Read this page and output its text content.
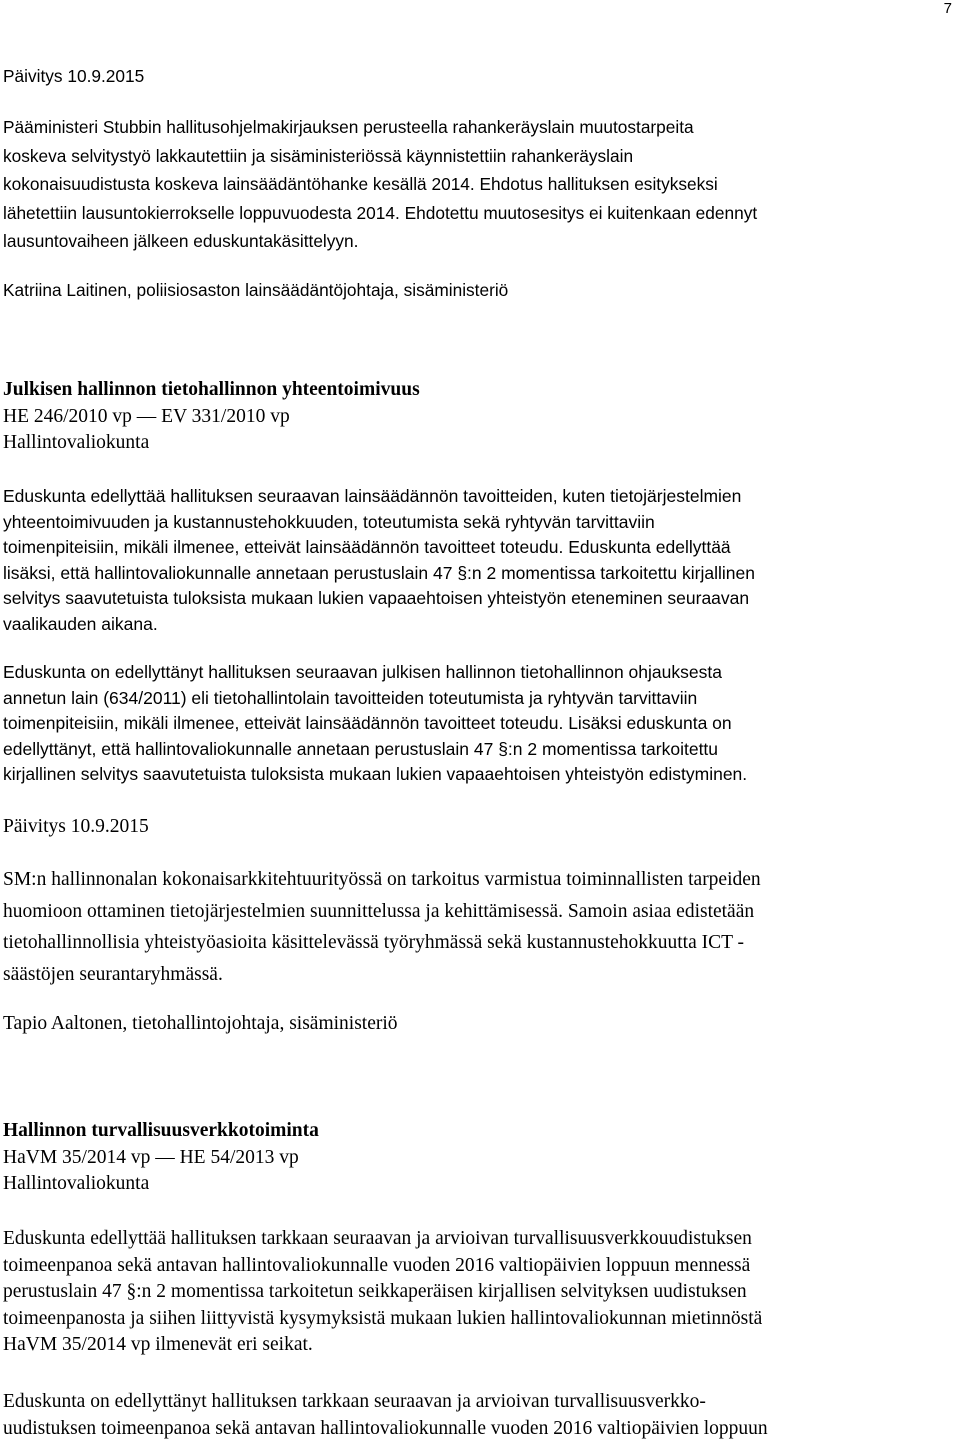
7
Päivitys 10.9.2015
Pääministeri Stubbin hallitusohjelmakirjauksen perusteella rahankeräyslain muutostarpeita
koskeva selvitystyö lakkautettiin ja sisäministeriössä käynnistettiin rahankeräyslain
kokonaisuudistusta koskeva lainsäädäntöhanke kesällä 2014. Ehdotus hallituksen esitykseksi
lähetettiin lausuntokierrokselle loppuvuodesta 2014. Ehdotettu muutosesitys ei kuitenkaan edennyt
lausuntovaiheen jälkeen eduskuntakäsittelyyn.
Katriina Laitinen, poliisiosaston lainsäädäntöjohtaja, sisäministeriö
Julkisen hallinnon tietohallinnon yhteentoimivuus
HE 246/2010 vp — EV 331/2010 vp
Hallintovaliokunta
Eduskunta edellyttää hallituksen seuraavan lainsäädännön tavoitteiden, kuten tietojärjestelmien
yhteentoimivuuden ja kustannustehokkuuden, toteutumista sekä ryhtyvän tarvittaviin
toimenpiteisiin, mikäli ilmenee, etteivät lainsäädännön tavoitteet toteudu. Eduskunta edellyttää
lisäksi, että hallintovaliokunnalle annetaan perustuslain 47 §:n 2 momentissa tarkoitettu kirjallinen
selvitys saavutetuista tuloksista mukaan lukien vapaaehtoisen yhteistyön eteneminen seuraavan
vaalikauden aikana.
Eduskunta on edellyttänyt hallituksen seuraavan julkisen hallinnon tietohallinnon ohjauksesta
annetun lain (634/2011) eli tietohallintolain tavoitteiden toteutumista ja ryhtyvän tarvittaviin
toimenpiteisiin, mikäli ilmenee, etteivät lainsäädännön tavoitteet toteudu. Lisäksi eduskunta on
edellyttänyt, että hallintovaliokunnalle annetaan perustuslain 47 §:n 2 momentissa tarkoitettu
kirjallinen selvitys saavutetuista tuloksista mukaan lukien vapaaehtoisen yhteistyön edistyminen.
Päivitys 10.9.2015
SM:n hallinnonalan kokonaisarkkitehtuurityössä on tarkoitus varmistua toiminnallisten tarpeiden
huomioon ottaminen tietojärjestelmien suunnittelussa ja kehittämisessä. Samoin asiaa edistetään
tietohallinnollisia yhteistyöasioita käsittelevässä työryhmässä sekä kustannustehokkuutta ICT -
säästöjen seurantaryhmässä.
Tapio Aaltonen, tietohallintojohtaja, sisäministeriö
Hallinnon turvallisuusverkkotoiminta
HaVM 35/2014 vp — HE 54/2013 vp
Hallintovaliokunta
Eduskunta edellyttää hallituksen tarkkaan seuraavan ja arvioivan turvallisuusverkkouudistuksen
toimeenpanoa sekä antavan hallintovaliokunnalle vuoden 2016 valtiopäivien loppuun mennessä
perustuslain 47 §:n 2 momentissa tarkoitetun seikkaperäisen kirjallisen selvityksen uudistuksen
toimeenpanosta ja siihen liittyvistä kysymyksistä mukaan lukien hallintovaliokunnan mietinnöstä
HaVM 35/2014 vp ilmenevät eri seikat.
Eduskunta on edellyttänyt hallituksen tarkkaan seuraavan ja arvioivan turvallisuusverkko-
uudistuksen toimeenpanoa sekä antavan hallintovaliokunnalle vuoden 2016 valtiopäivien loppuun
